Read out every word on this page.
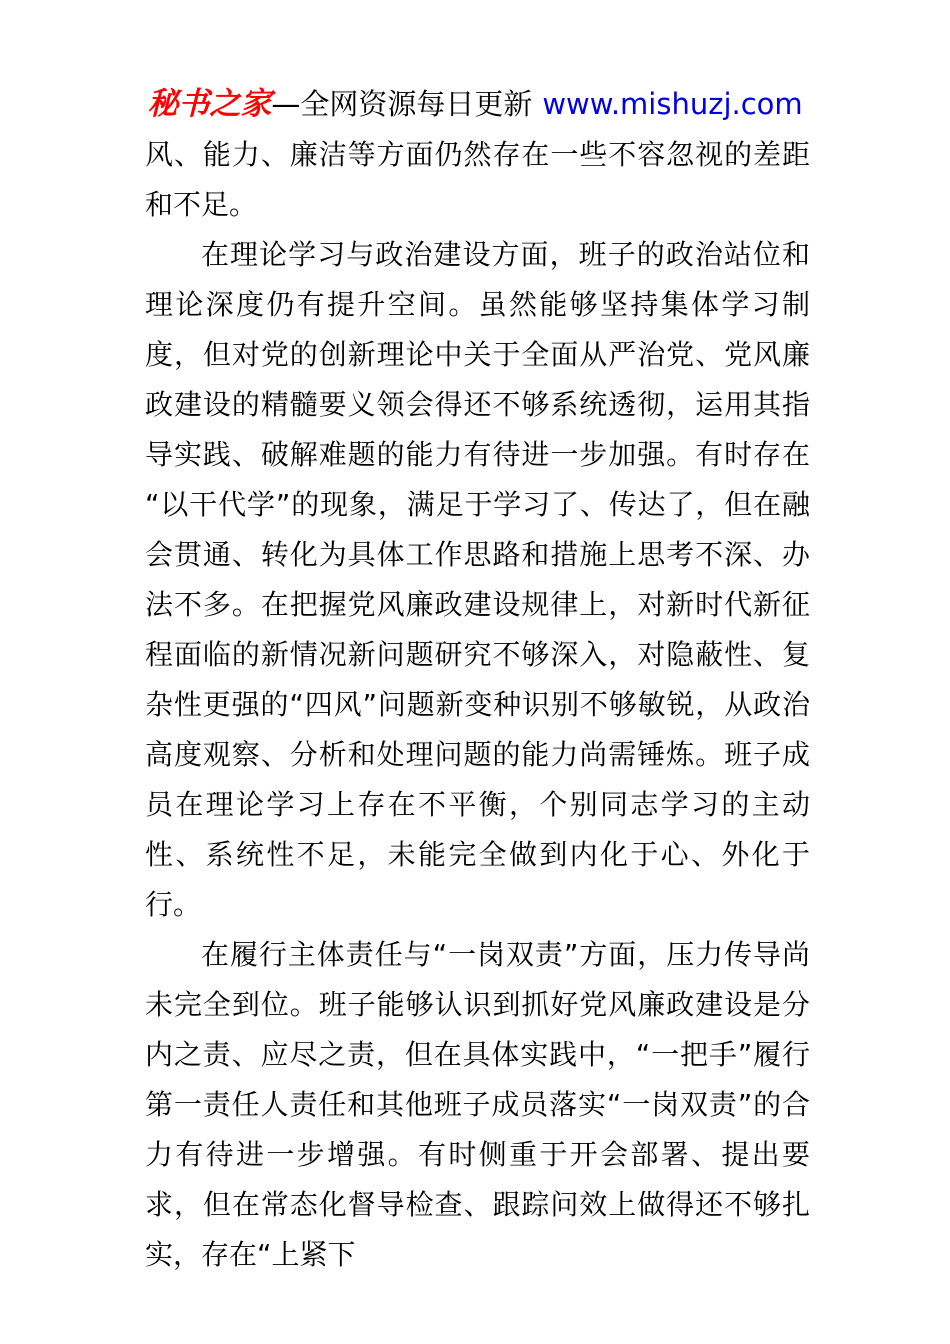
秘书之家—全网资源每日更新 www.mishuzj.com

风、能力、廉洁等方面仍然存在一些不容忽视的差距和不足。

在理论学习与政治建设方面，班子的政治站位和理论深度仍有提升空间。虽然能够坚持集体学习制度，但对党的创新理论中关于全面从严治党、党风廉政建设的精髓要义领会得还不够系统透彻，运用其指导实践、破解难题的能力有待进一步加强。有时存在“以干代学”的现象，满足于学习了、传达了，但在融会贯通、转化为具体工作思路和措施上思考不深、办法不多。在把握党风廉政建设规律上，对新时代新征程面临的新情况新问题研究不够深入，对隐蔽性、复杂性更强的“四风”问题新变种识别不够敏锐，从政治高度观察、分析和处理问题的能力尚需锤炼。班子成员在理论学习上存在不平衡，个别同志学习的主动性、系统性不足，未能完全做到内化于心、外化于行。

在履行主体责任与“一岗双责”方面，压力传导尚未完全到位。班子能够认识到抓好党风廉政建设是分内之责、应尽之责，但在具体实践中，“一把手”履行第一责任人责任和其他班子成员落实“一岗双责”的合力有待进一步增强。有时侧重于开会部署、提出要求，但在常态化督导检查、跟踪问效上做得还不够扎实，存在“上紧下
